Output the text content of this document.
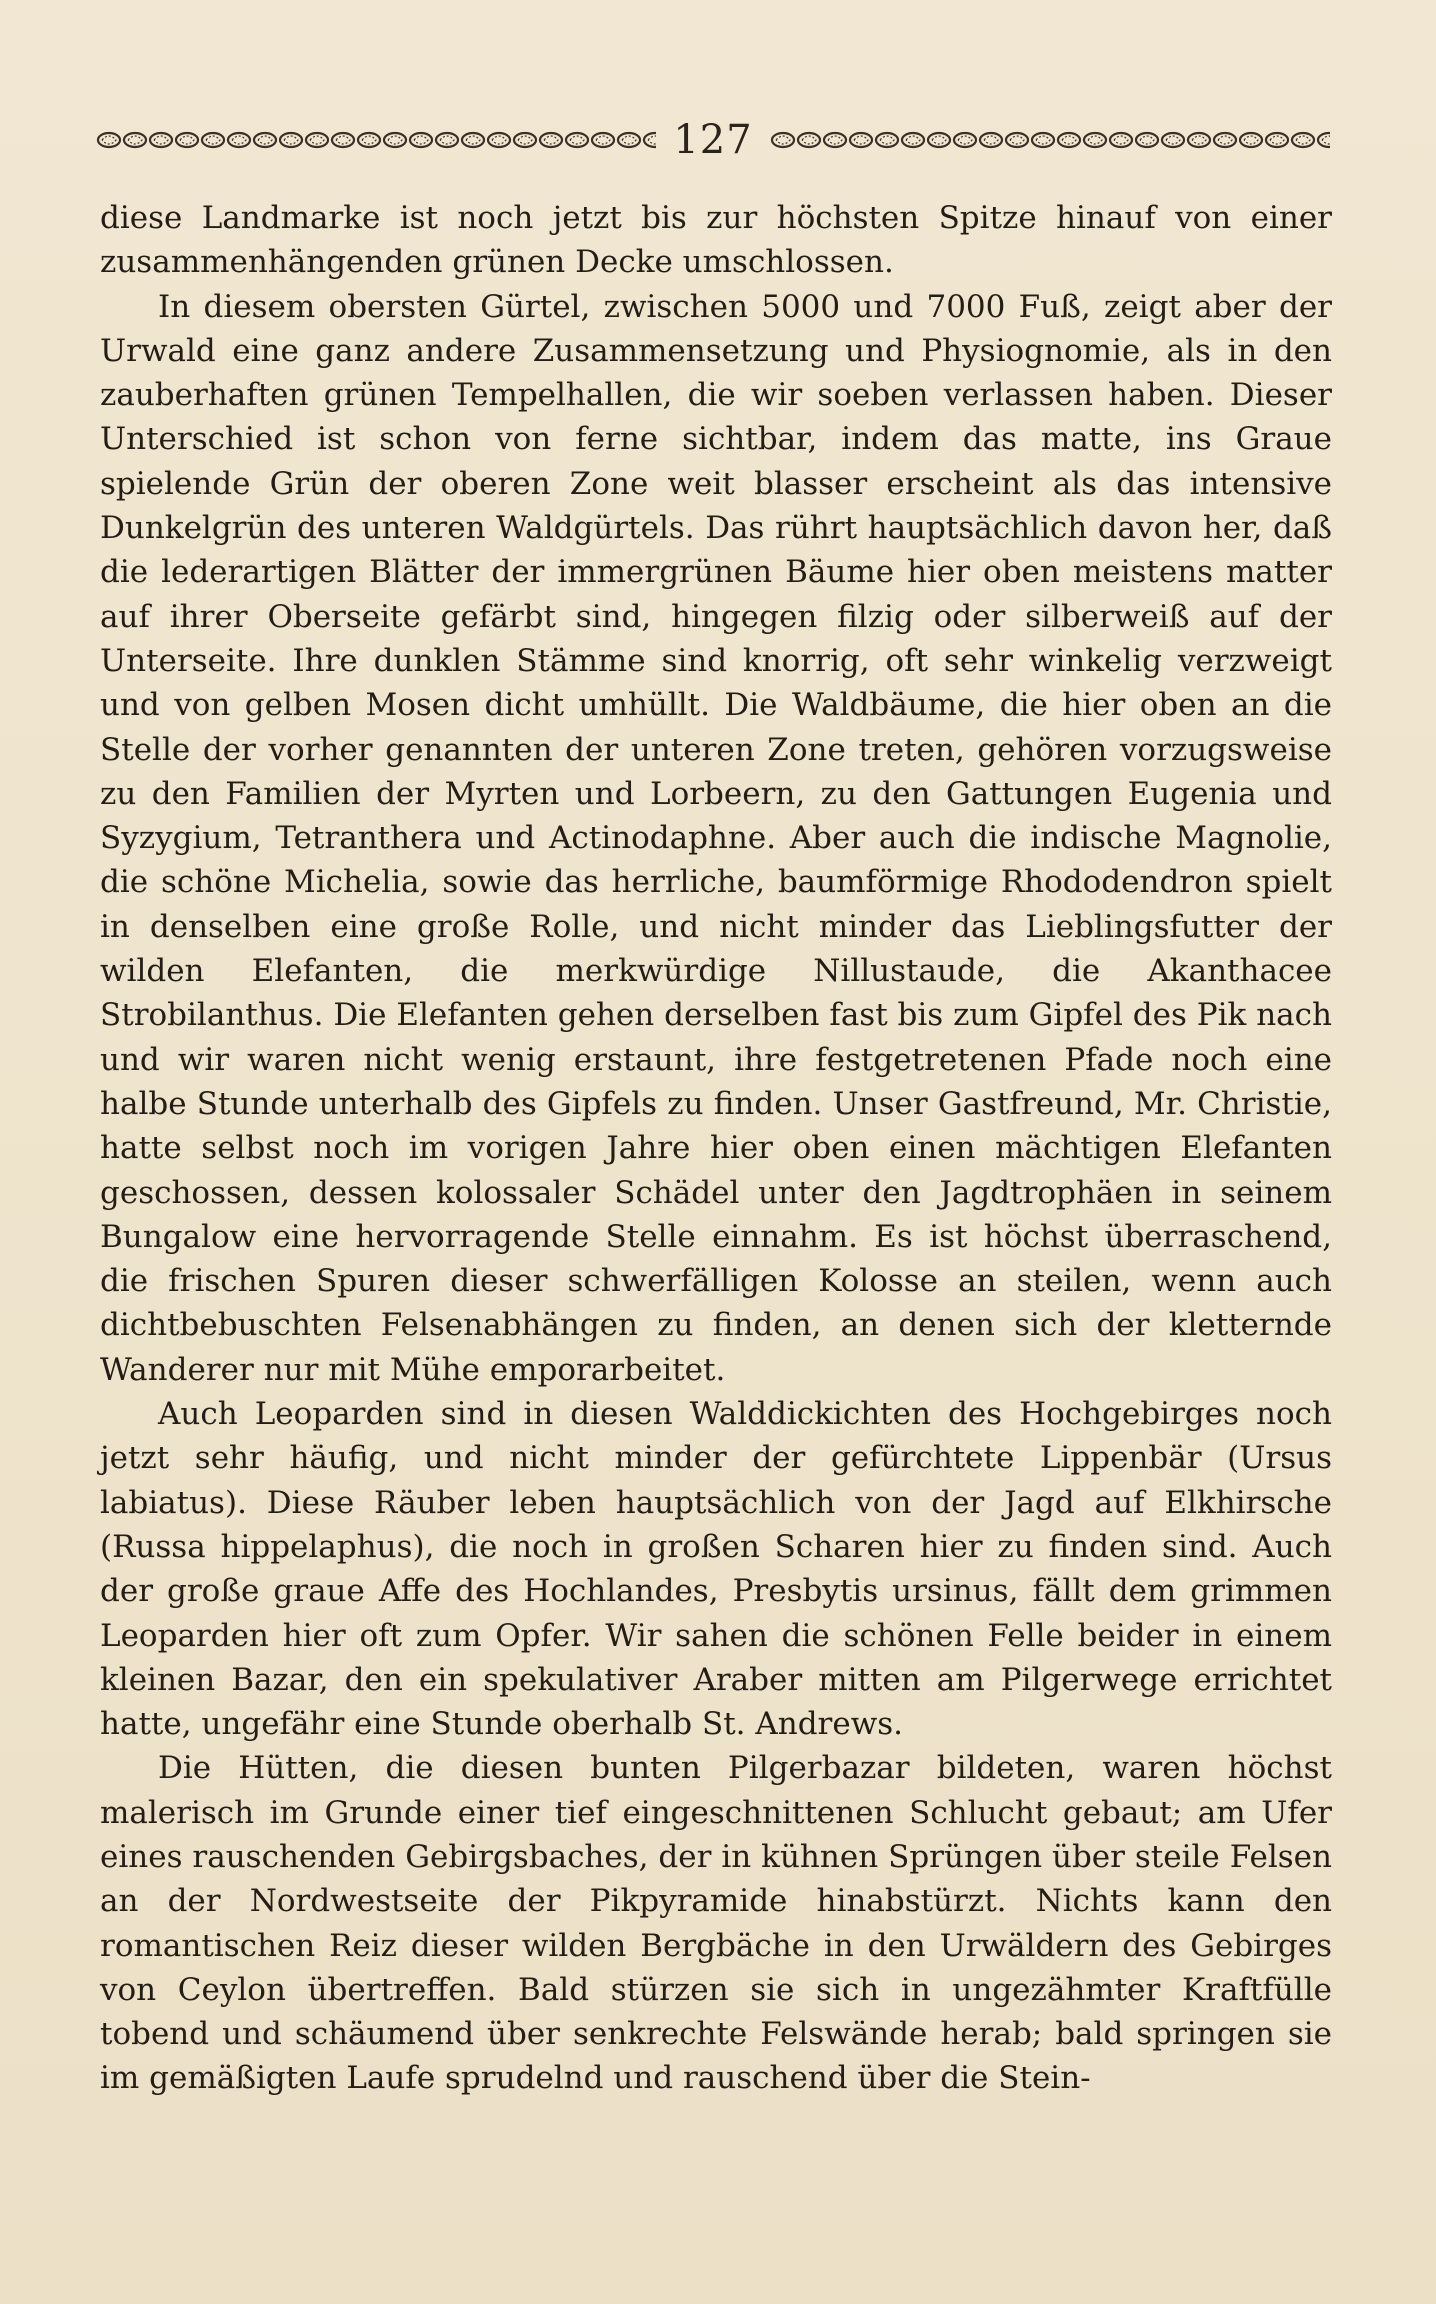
127

diese Landmarke ist noch jetzt bis zur höchsten Spitze hinauf von einer zusammenhängenden grünen Decke umschlossen.

In diesem obersten Gürtel, zwischen 5000 und 7000 Fuß, zeigt aber der Urwald eine ganz andere Zusammensetzung und Physiognomie, als in den zauberhaften grünen Tempelhallen, die wir soeben verlassen haben. Dieser Unterschied ist schon von ferne sichtbar, indem das matte, ins Graue spielende Grün der oberen Zone weit blasser erscheint als das intensive Dunkelgrün des unteren Waldgürtels. Das rührt hauptsächlich davon her, daß die lederartigen Blätter der immergrünen Bäume hier oben meistens matter auf ihrer Oberseite gefärbt sind, hingegen filzig oder silberweiß auf der Unterseite. Ihre dunklen Stämme sind knorrig, oft sehr winkelig verzweigt und von gelben Mosen dicht umhüllt. Die Waldbäume, die hier oben an die Stelle der vorher genannten der unteren Zone treten, gehören vorzugsweise zu den Familien der Myrten und Lorbeern, zu den Gattungen Eugenia und Syzygium, Tetranthera und Actinodaphne. Aber auch die indische Magnolie, die schöne Michelia, sowie das herrliche, baumförmige Rhododendron spielt in denselben eine große Rolle, und nicht minder das Lieblingsfutter der wilden Elefanten, die merkwürdige Nillustaude, die Akanthacee Strobilanthus. Die Elefanten gehen derselben fast bis zum Gipfel des Pik nach und wir waren nicht wenig erstaunt, ihre festgetretenen Pfade noch eine halbe Stunde unterhalb des Gipfels zu finden. Unser Gastfreund, Mr. Christie, hatte selbst noch im vorigen Jahre hier oben einen mächtigen Elefanten geschossen, dessen kolossaler Schädel unter den Jagdtrophäen in seinem Bungalow eine hervorragende Stelle einnahm. Es ist höchst überraschend, die frischen Spuren dieser schwerfälligen Kolosse an steilen, wenn auch dichtbebuschten Felsenabhängen zu finden, an denen sich der kletternde Wanderer nur mit Mühe emporarbeitet.

Auch Leoparden sind in diesen Walddickichten des Hochgebirges noch jetzt sehr häufig, und nicht minder der gefürchtete Lippenbär (Ursus labiatus). Diese Räuber leben hauptsächlich von der Jagd auf Elkhirsche (Russa hippelaphus), die noch in großen Scharen hier zu finden sind. Auch der große graue Affe des Hochlandes, Presbytis ursinus, fällt dem grimmen Leoparden hier oft zum Opfer. Wir sahen die schönen Felle beider in einem kleinen Bazar, den ein spekulativer Araber mitten am Pilgerwege errichtet hatte, ungefähr eine Stunde oberhalb St. Andrews.

Die Hütten, die diesen bunten Pilgerbazar bildeten, waren höchst malerisch im Grunde einer tief eingeschnittenen Schlucht gebaut; am Ufer eines rauschenden Gebirgsbaches, der in kühnen Sprüngen über steile Felsen an der Nordwestseite der Pikpyramide hinabstürzt. Nichts kann den romantischen Reiz dieser wilden Bergbäche in den Urwäldern des Gebirges von Ceylon übertreffen. Bald stürzen sie sich in ungezähmter Kraftfülle tobend und schäumend über senkrechte Felswände herab; bald springen sie im gemäßigten Laufe sprudelnd und rauschend über die Stein-
